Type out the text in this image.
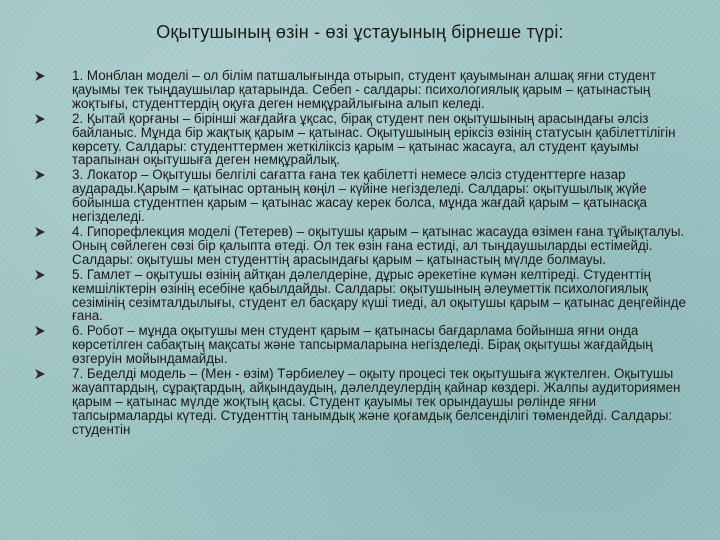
Оқытушының өзін - өзі ұстауының бірнеше түрі:
1. Монблан моделі – ол білім патшалығында отырып, студент қауымынан алшақ яғни студент қауымы тек тыңдаушылар қатарында. Себеп - салдары: психологиялық қарым – қатынастың жоқтығы, студенттердің оқуға деген немқұрайлығына алып келеді.
2. Қытай қорғаны – бірінші жағдайға ұқсас, бірақ студент пен оқытушының арасындағы әлсіз байланыс. Мұнда бір жақтық қарым – қатынас. Оқытушының еріксіз өзінің статусын қабілеттілігін көрсету. Салдары: студенттермен жеткіліксіз қарым – қатынас жасауға, ал студент қауымы тарапынан оқытушыға деген немқұрайлық.
3. Локатор – Оқытушы белгілі сағатта ғана тек қабілетті немесе әлсіз студенттерге назар аударады.Қарым – қатынас ортаның көңіл – күйіне негізделеді. Салдары: оқытушылық жүйе бойынша студентпен қарым – қатынас жасау керек болса, мұнда жағдай қарым – қатынасқа негізделеді.
4. Гипорефлекция моделі (Тетерев) – оқытушы қарым – қатынас жасауда өзімен ғана тұйықталуы. Оның сөйлеген сөзі бір қалыпта өтеді. Ол тек өзін ғана естиді, ал тыңдаушыларды естімейді. Салдары: оқытушы мен студенттің арасындағы қарым – қатынастың мүлде болмауы.
5. Гамлет – оқытушы өзінің айтқан дәлелдеріне, дұрыс әрекетіне күмән келтіреді. Студенттің кемшіліктерін өзінің есебіне қабылдайды. Салдары: оқытушының әлеуметтік психологиялық сезімінің сезімталдылығы, студент ел басқару күші тиеді, ал оқытушы қарым – қатынас деңгейінде ғана.
6. Робот – мұнда оқытушы мен студент қарым – қатынасы бағдарлама бойынша яғни онда көрсетілген сабақтың мақсаты және тапсырмаларына негізделеді. Бірақ оқытушы жағдайдың өзгеруін мойындамайды.
7. Беделді модель – (Мен - өзім) Тәрбиелеу – оқыту процесі тек оқытушыға жүктелген. Оқытушы жауаптардың, сұрақтардың, айқындаудың, дәлелдеулердің қайнар көздері. Жалпы аудиториямен қарым – қатынас мүлде жоқтың қасы. Студент қауымы тек орындаушы рөлінде яғни тапсырмаларды күтеді. Студенттің танымдық және қоғамдық белсенділігі төмендейді. Салдары: студентін
